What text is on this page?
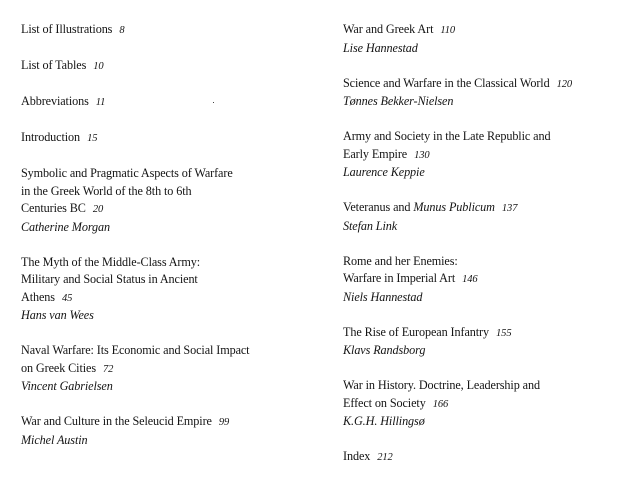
List of Illustrations 8
List of Tables 10
Abbreviations 11
Introduction 15
Symbolic and Pragmatic Aspects of Warfare
in the Greek World of the 8th to 6th
Centuries BC 20
Catherine Morgan
The Myth of the Middle-Class Army:
Military and Social Status in Ancient
Athens 45
Hans van Wees
Naval Warfare: Its Economic and Social Impact
on Greek Cities 72
Vincent Gabrielsen
War and Culture in the Seleucid Empire 99
Michel Austin
War and Greek Art 110
Lise Hannestad
Science and Warfare in the Classical World 120
Tønnes Bekker-Nielsen
Army and Society in the Late Republic and
Early Empire 130
Laurence Keppie
Veteranus and Munus Publicum 137
Stefan Link
Rome and her Enemies:
Warfare in Imperial Art 146
Niels Hannestad
The Rise of European Infantry 155
Klavs Randsborg
War in History. Doctrine, Leadership and
Effect on Society 166
K.G.H. Hillingsø
Index 212
